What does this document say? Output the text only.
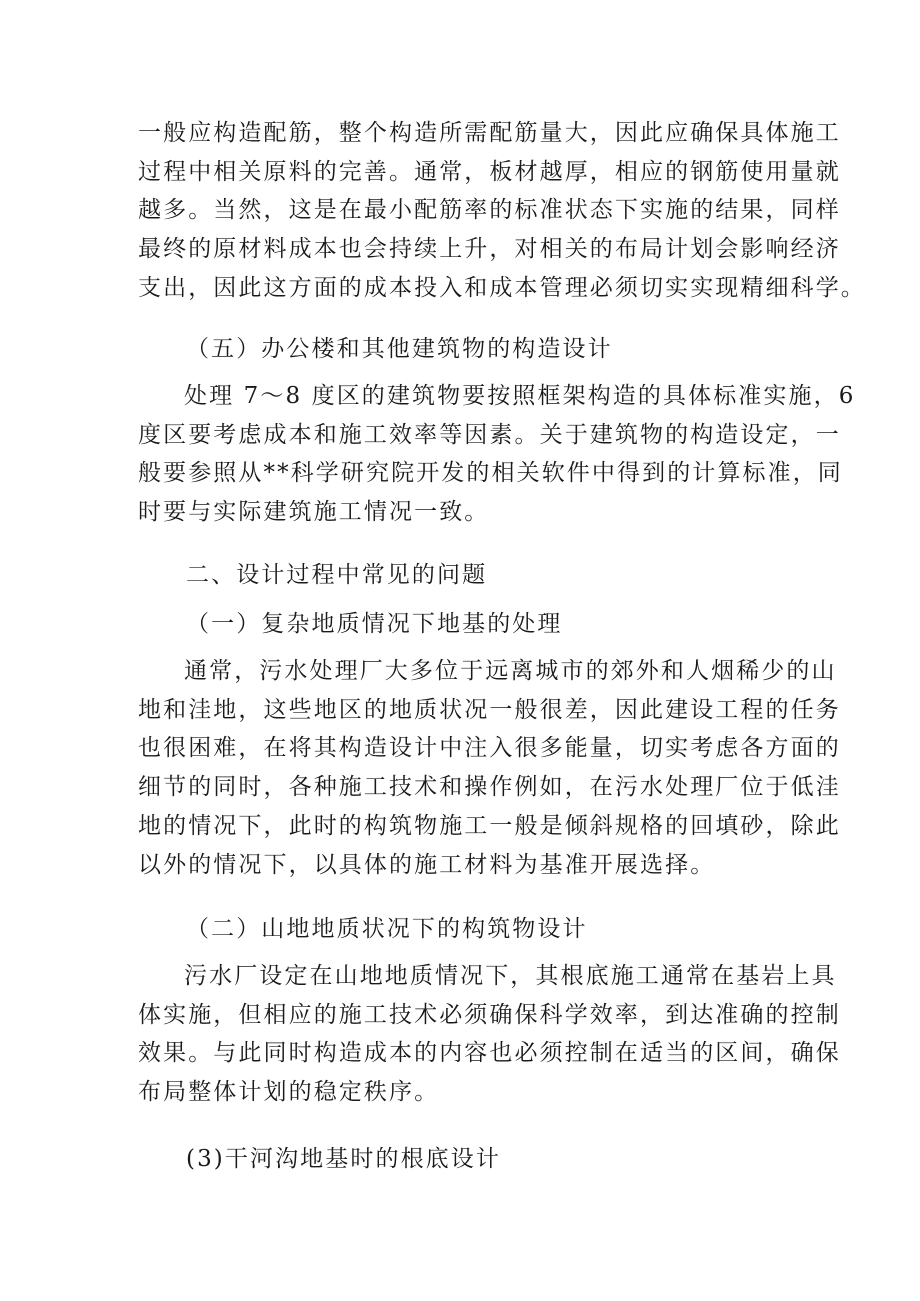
一般应构造配筋，整个构造所需配筋量大，因此应确保具体施工
过程中相关原料的完善。通常，板材越厚，相应的钢筋使用量就
越多。当然，这是在最小配筋率的标准状态下实施的结果，同样
最终的原材料成本也会持续上升，对相关的布局计划会影响经济
支出，因此这方面的成本投入和成本管理必须切实实现精细科学。
（五）办公楼和其他建筑物的构造设计
处理 7～8 度区的建筑物要按照框架构造的具体标准实施，6
度区要考虑成本和施工效率等因素。关于建筑物的构造设定，一
般要参照从**科学研究院开发的相关软件中得到的计算标准，同
时要与实际建筑施工情况一致。
二、设计过程中常见的问题
（一）复杂地质情况下地基的处理
通常，污水处理厂大多位于远离城市的郊外和人烟稀少的山
地和洼地，这些地区的地质状况一般很差，因此建设工程的任务
也很困难，在将其构造设计中注入很多能量，切实考虑各方面的
细节的同时，各种施工技术和操作例如，在污水处理厂位于低洼
地的情况下，此时的构筑物施工一般是倾斜规格的回填砂，除此
以外的情况下，以具体的施工材料为基准开展选择。
（二）山地地质状况下的构筑物设计
污水厂设定在山地地质情况下，其根底施工通常在基岩上具
体实施，但相应的施工技术必须确保科学效率，到达准确的控制
效果。与此同时构造成本的内容也必须控制在适当的区间，确保
布局整体计划的稳定秩序。
(3)干河沟地基时的根底设计
